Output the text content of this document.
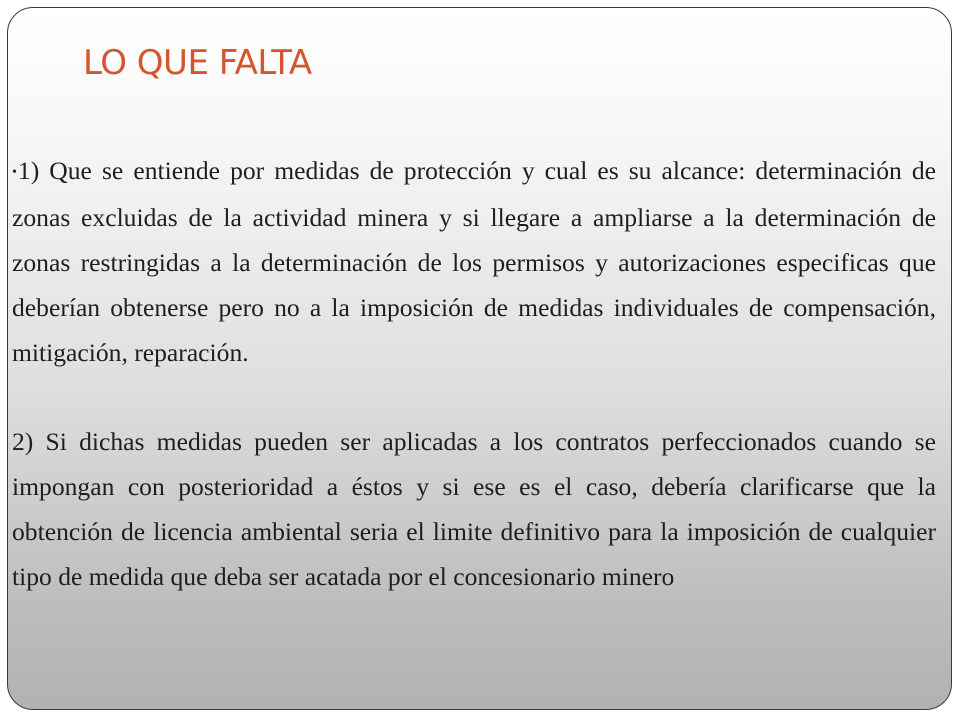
LO QUE FALTA

•1) Que se entiende por medidas de protección y cual es su alcance: determinación de zonas excluidas de la actividad minera y si llegare a ampliarse a la determinación de zonas restringidas a la determinación de los permisos y autorizaciones especificas que deberían obtenerse pero no a la imposición de medidas individuales de compensación, mitigación, reparación.

2) Si dichas medidas pueden ser aplicadas a los contratos perfeccionados cuando se impongan con posterioridad a éstos y si ese es el caso, debería clarificarse que la obtención de licencia ambiental seria el limite definitivo para la imposición de cualquier tipo de medida que deba ser acatada por el concesionario minero
